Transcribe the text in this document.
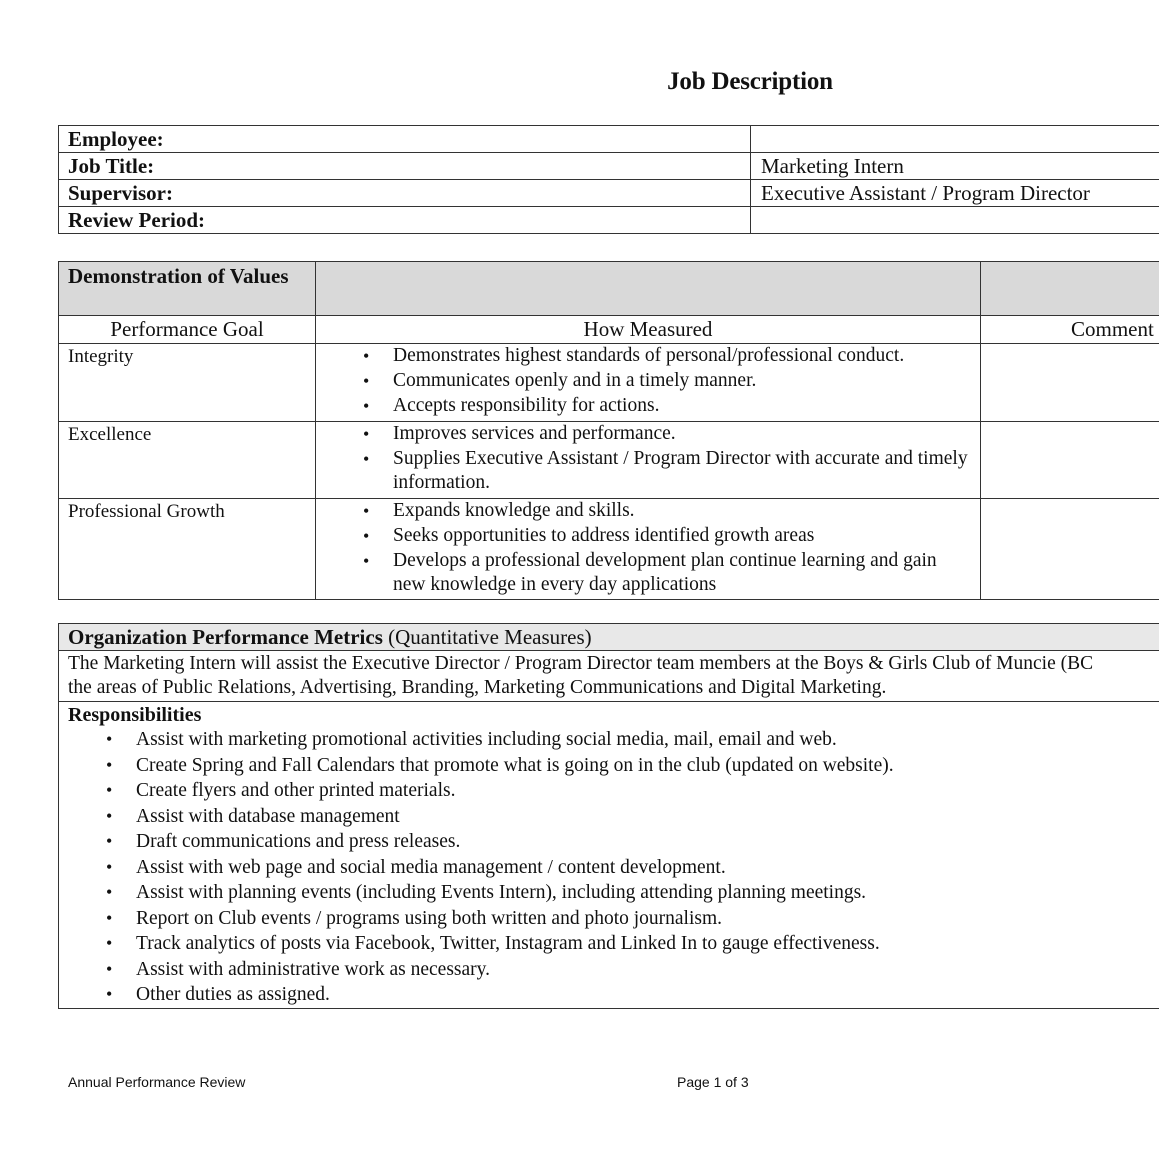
Job Description
Employee:	
Job Title:	Marketing Intern
Supervisor:	Executive Assistant / Program Director
Review Period:	
Demonstration of Values		
Performance Goal	How Measured	Comment
Integrity	
•Demonstrates highest standards of personal/professional conduct.
• Communicates openly and in a timely manner.
• Accepts responsibility for actions.

Excellence	
•Improves services and performance.
• Supplies Executive Assistant / Program Director with accurate and timely information.

Professional Growth	
•Expands knowledge and skills.
• Seeks opportunities to address identified growth areas
• Develops a professional development plan continue learning and gain new knowledge in every day applications

Organization Performance Metrics (Quantitative Measures)

The Marketing Intern will assist the Executive Director / Program Director team members at the Boys & Girls Club of Muncie (BC
the areas of Public Relations, Advertising, Branding, Marketing Communications and Digital Marketing.

Responsibilities
• Assist with marketing promotional activities including social media, mail, email and web.
• Create Spring and Fall Calendars that promote what is going on in the club (updated on website).
• Create flyers and other printed materials.
• Assist with database management
• Draft communications and press releases.
• Assist with web page and social media management / content development.
• Assist with planning events (including Events Intern), including attending planning meetings.
• Report on Club events / programs using both written and photo journalism.
• Track analytics of posts via Facebook, Twitter, Instagram and Linked In to gauge effectiveness.
• Assist with administrative work as necessary.
• Other duties as assigned.
Annual Performance Review	Page 1 of 3
